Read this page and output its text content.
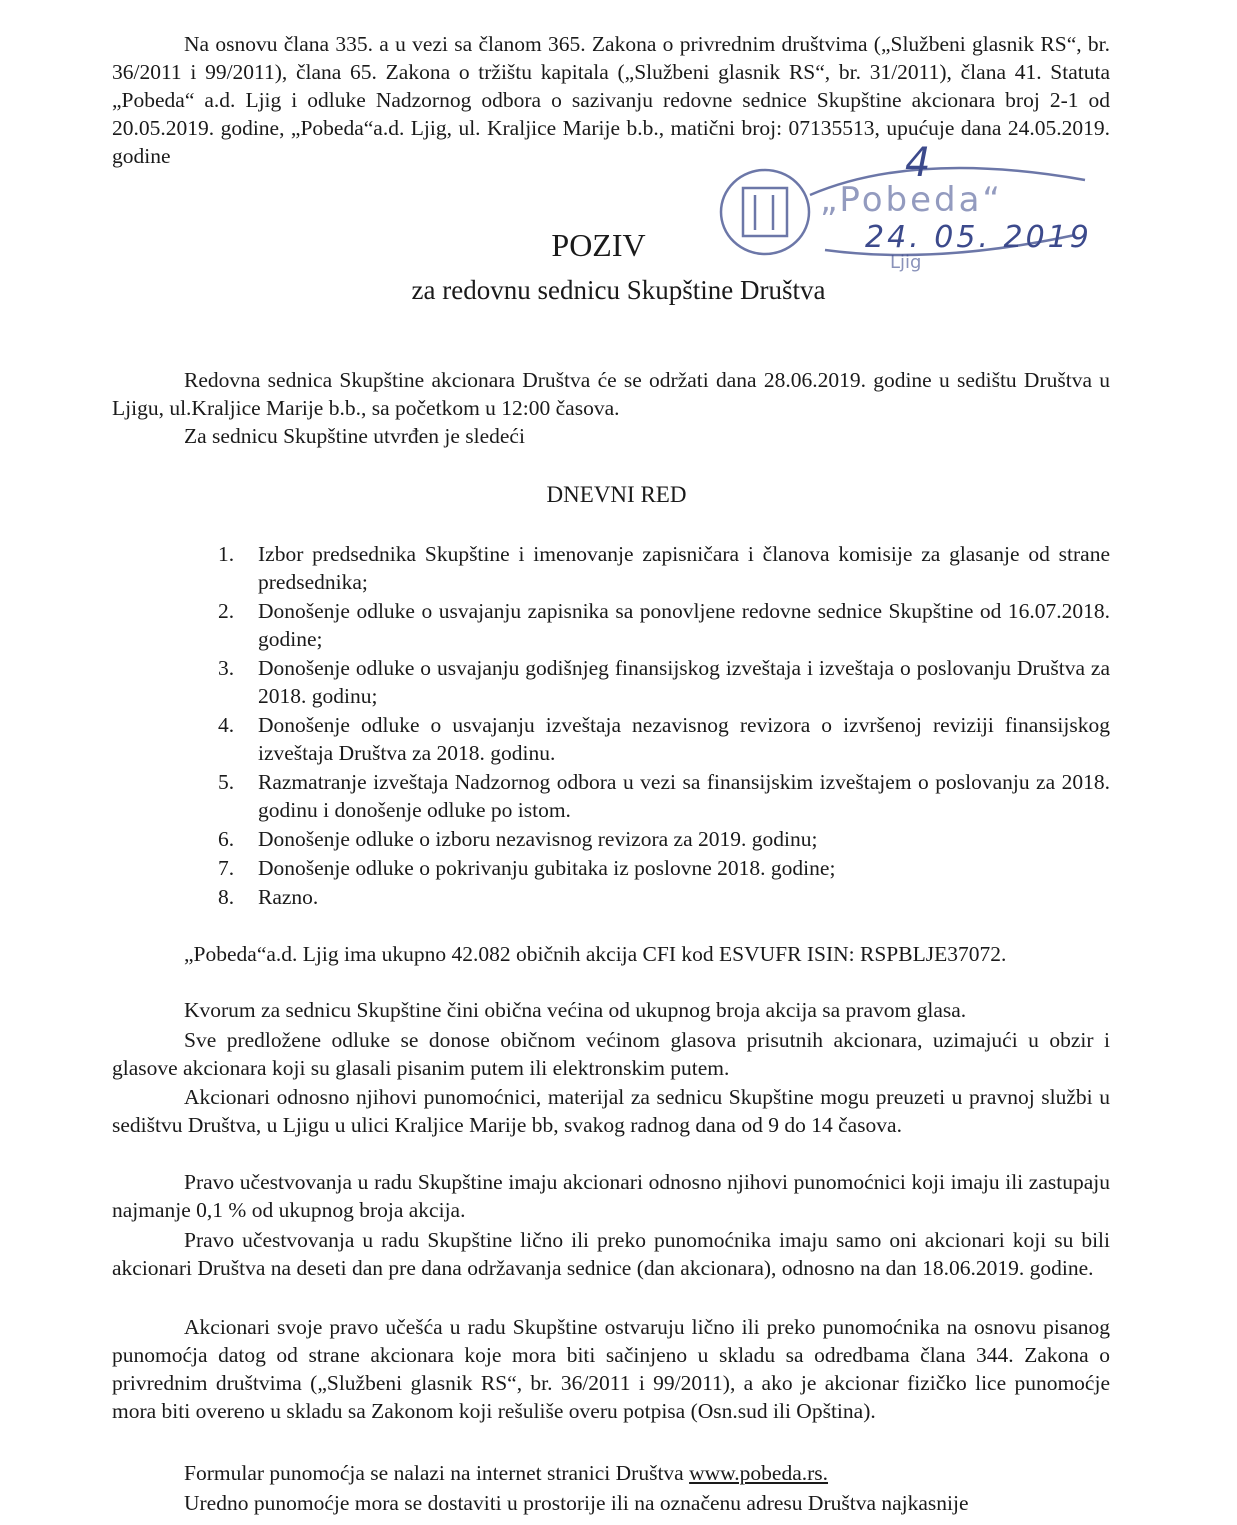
Na osnovu člana 335. a u vezi sa članom 365. Zakona o privrednim društvima („Službeni glasnik RS“, br. 36/2011 i 99/2011), člana 65. Zakona o tržištu kapitala („Službeni glasnik RS“, br. 31/2011), člana 41. Statuta „Pobeda“ a.d. Ljig i odluke Nadzornog odbora o sazivanju redovne sednice Skupštine akcionara broj 2-1 od 20.05.2019. godine, „Pobeda“a.d. Ljig, ul. Kraljice Marije b.b., matični broj: 07135513, upućuje dana 24.05.2019. godine	4
„Pobeda“
24. 05. 2019
Ljig
POZIV
za redovnu sednicu Skupštine Društva

Redovna sednica Skupštine akcionara Društva će se održati dana 28.06.2019. godine u sedištu Društva u Ljigu, ul.Kraljice Marije b.b., sa početkom u 12:00 časova.

Za sednicu Skupštine utvrđen je sledeći

DNEVNI RED
1.	Izbor predsednika Skupštine i imenovanje zapisničara i članova komisije za glasanje od strane predsednika;
2.	Donošenje odluke o usvajanju zapisnika sa ponovljene redovne sednice Skupštine od 16.07.2018. godine;
3.	Donošenje odluke o usvajanju godišnjeg finansijskog izveštaja i izveštaja o poslovanju Društva za 2018. godinu;
4.	Donošenje odluke o usvajanju izveštaja nezavisnog revizora o izvršenoj reviziji finansijskog izveštaja Društva za 2018. godinu.
5.	Razmatranje izveštaja Nadzornog odbora u vezi sa finansijskim izveštajem o poslovanju za 2018. godinu i donošenje odluke po istom.
6.	Donošenje odluke o izboru nezavisnog revizora za 2019. godinu;
7.	Donošenje odluke o pokrivanju gubitaka iz poslovne 2018. godine;
8.	Razno.

„Pobeda“a.d. Ljig ima ukupno 42.082 običnih akcija CFI kod ESVUFR ISIN: RSPBLJE37072.

Kvorum za sednicu Skupštine čini obična većina od ukupnog broja akcija sa pravom glasa.

Sve predložene odluke se donose običnom većinom glasova prisutnih akcionara, uzimajući u obzir i glasove akcionara koji su glasali pisanim putem ili elektronskim putem.

Akcionari odnosno njihovi punomoćnici, materijal za sednicu Skupštine mogu preuzeti u pravnoj službi u sedištvu Društva, u Ljigu u ulici Kraljice Marije bb, svakog radnog dana od 9 do 14 časova.

Pravo učestvovanja u radu Skupštine imaju akcionari odnosno njihovi punomoćnici koji imaju ili zastupaju najmanje 0,1 % od ukupnog broja akcija.

Pravo učestvovanja u radu Skupštine lično ili preko punomoćnika imaju samo oni akcionari koji su bili akcionari Društva na deseti dan pre dana održavanja sednice (dan akcionara), odnosno na dan 18.06.2019. godine.

Akcionari svoje pravo učešća u radu Skupštine ostvaruju lično ili preko punomoćnika na osnovu pisanog punomoćja datog od strane akcionara koje mora biti sačinjeno u skladu sa odredbama člana 344. Zakona o privrednim društvima („Službeni glasnik RS“, br. 36/2011 i 99/2011), a ako je akcionar fizičko lice punomoćje mora biti overeno u skladu sa Zakonom koji rešuliše overu potpisa (Osn.sud ili Opština).

Formular punomoćja se nalazi na internet stranici Društva www.pobeda.rs.

Uredno punomoćje mora se dostaviti u prostorije ili na označenu adresu Društva najkasnije
